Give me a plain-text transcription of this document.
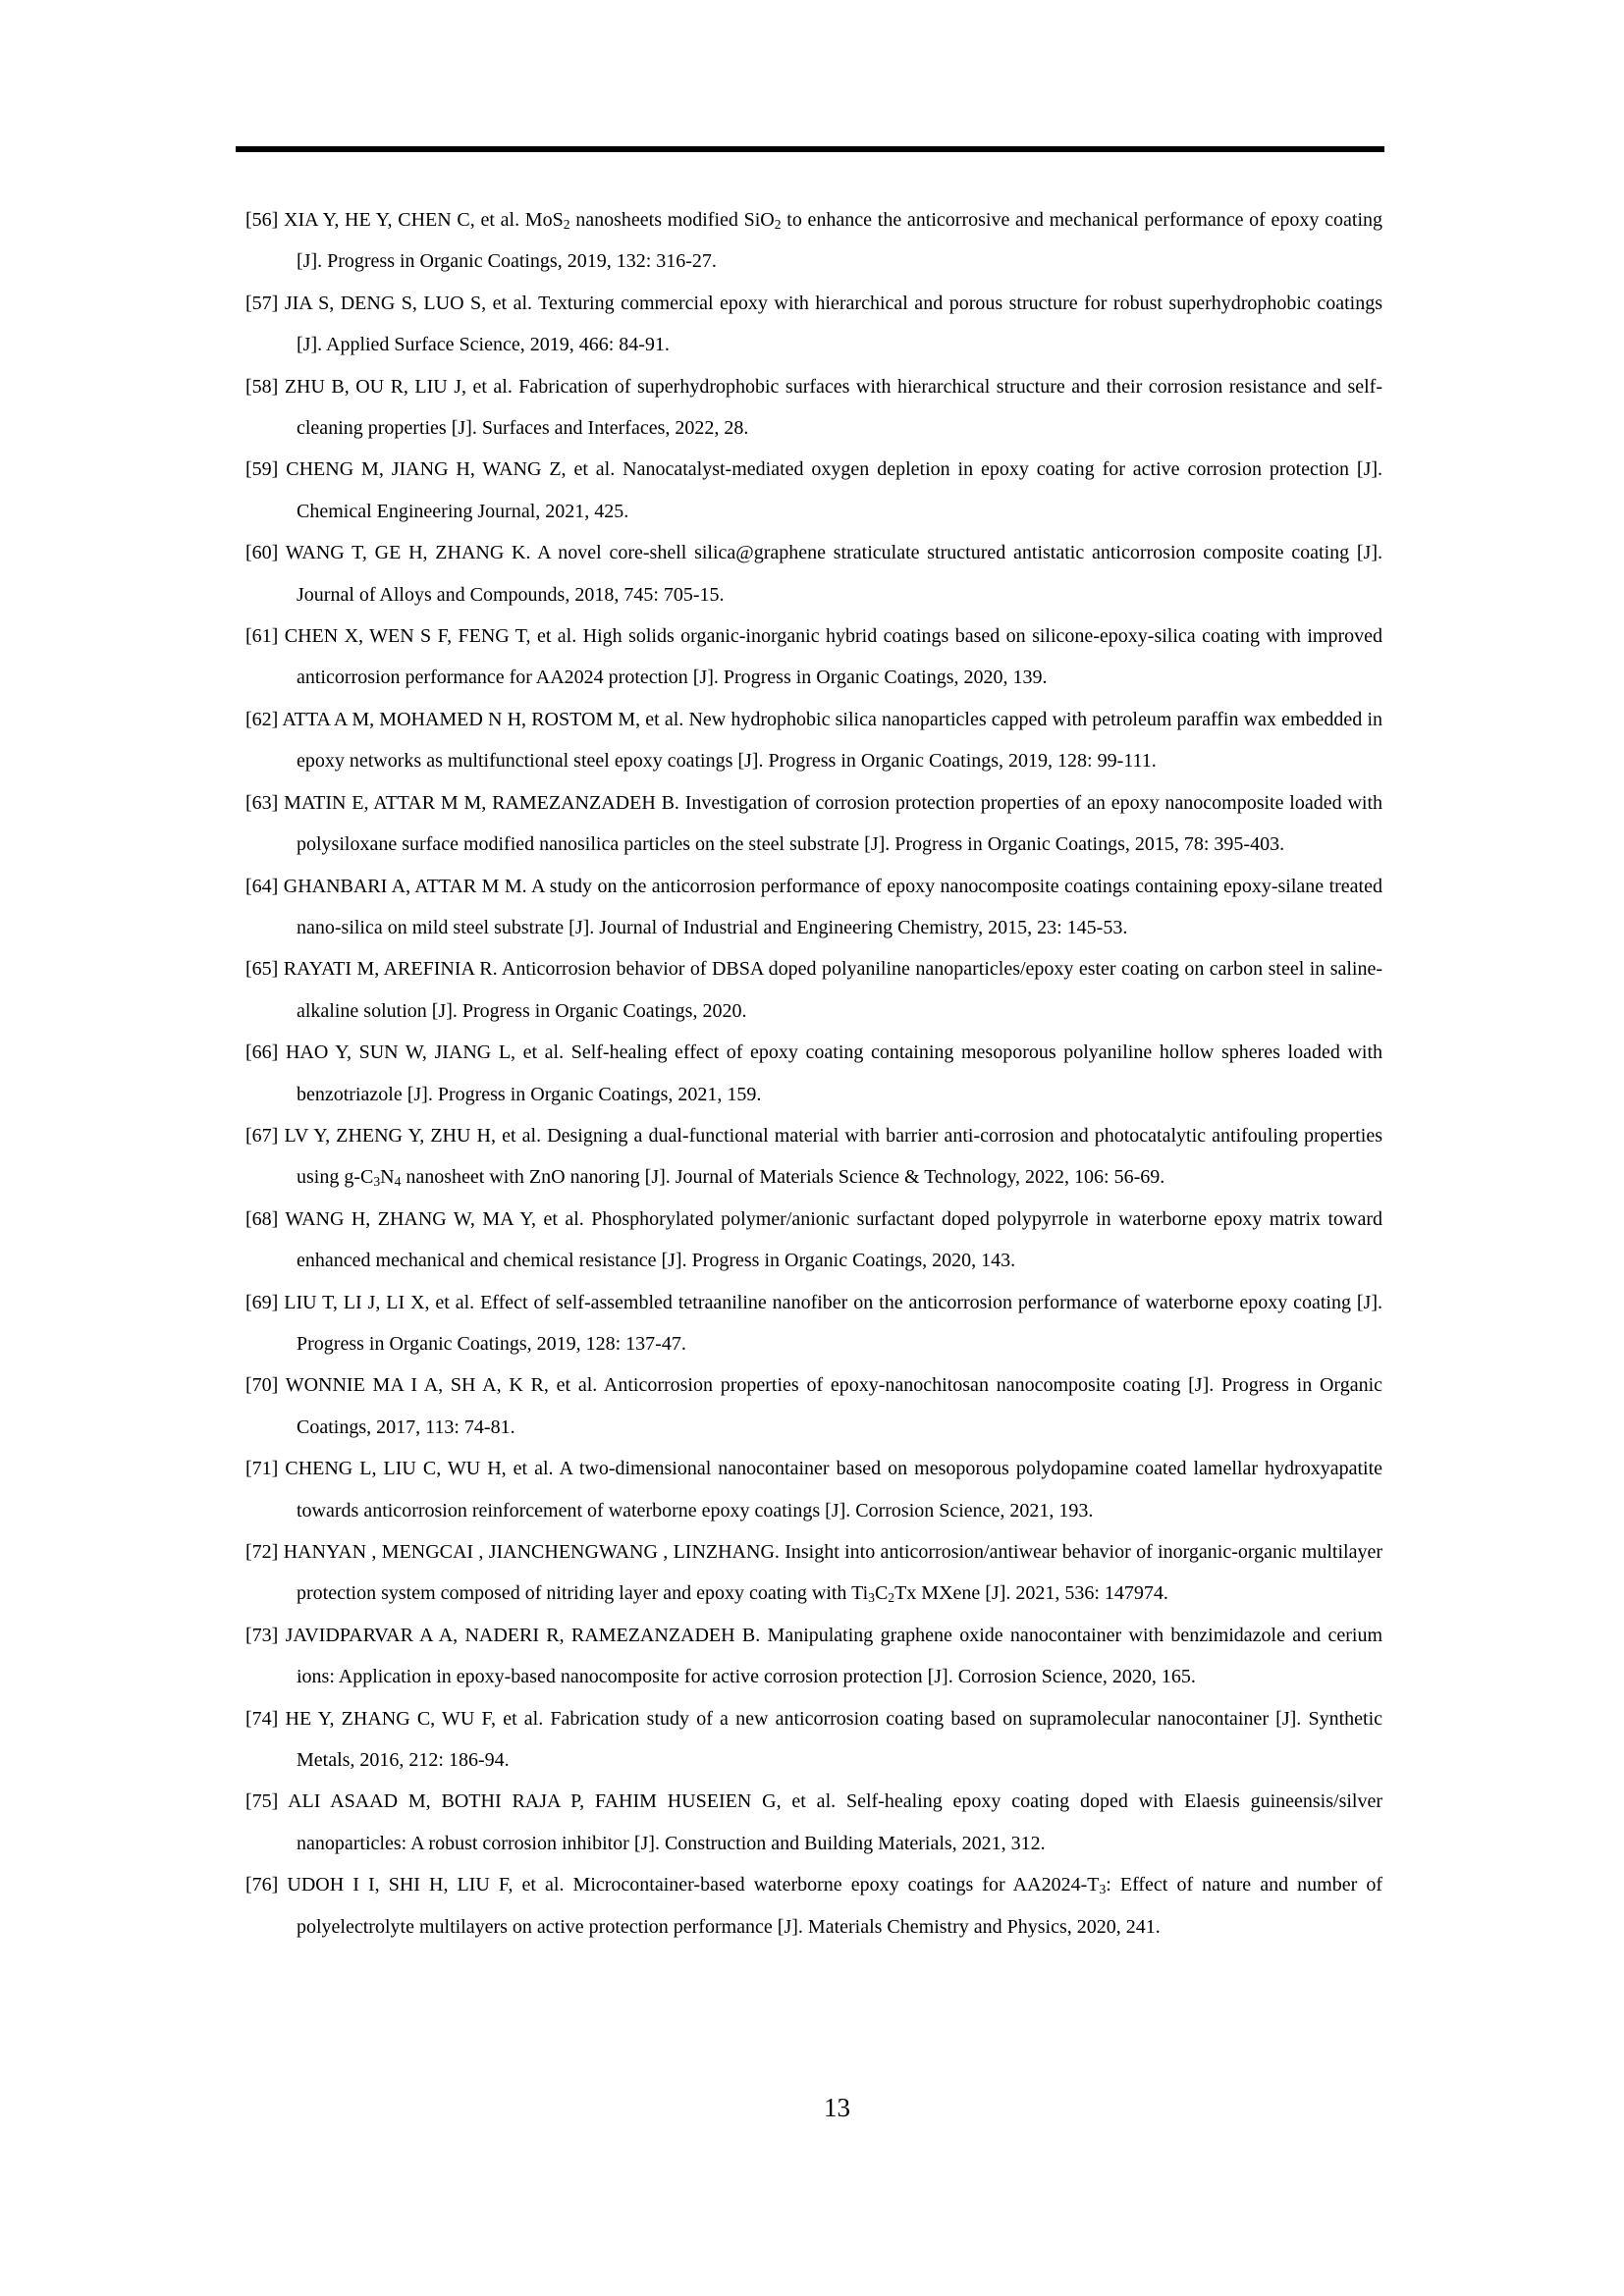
[56] XIA Y, HE Y, CHEN C, et al. MoS$_2$ nanosheets modified SiO$_2$ to enhance the anticorrosive and mechanical performance of epoxy coating [J]. Progress in Organic Coatings, 2019, 132: 316-27.

[57] JIA S, DENG S, LUO S, et al. Texturing commercial epoxy with hierarchical and porous structure for robust superhydrophobic coatings [J]. Applied Surface Science, 2019, 466: 84-91.

[58] ZHU B, OU R, LIU J, et al. Fabrication of superhydrophobic surfaces with hierarchical structure and their corrosion resistance and self-cleaning properties [J]. Surfaces and Interfaces, 2022, 28.

[59] CHENG M, JIANG H, WANG Z, et al. Nanocatalyst-mediated oxygen depletion in epoxy coating for active corrosion protection [J]. Chemical Engineering Journal, 2021, 425.

[60] WANG T, GE H, ZHANG K. A novel core-shell silica@graphene straticulate structured antistatic anticorrosion composite coating [J]. Journal of Alloys and Compounds, 2018, 745: 705-15.

[61] CHEN X, WEN S F, FENG T, et al. High solids organic-inorganic hybrid coatings based on silicone-epoxy-silica coating with improved anticorrosion performance for AA2024 protection [J]. Progress in Organic Coatings, 2020, 139.

[62] ATTA A M, MOHAMED N H, ROSTOM M, et al. New hydrophobic silica nanoparticles capped with petroleum paraffin wax embedded in epoxy networks as multifunctional steel epoxy coatings [J]. Progress in Organic Coatings, 2019, 128: 99-111.

[63] MATIN E, ATTAR M M, RAMEZANZADEH B. Investigation of corrosion protection properties of an epoxy nanocomposite loaded with polysiloxane surface modified nanosilica particles on the steel substrate [J]. Progress in Organic Coatings, 2015, 78: 395-403.

[64] GHANBARI A, ATTAR M M. A study on the anticorrosion performance of epoxy nanocomposite coatings containing epoxy-silane treated nano-silica on mild steel substrate [J]. Journal of Industrial and Engineering Chemistry, 2015, 23: 145-53.

[65] RAYATI M, AREFINIA R. Anticorrosion behavior of DBSA doped polyaniline nanoparticles/epoxy ester coating on carbon steel in saline-alkaline solution [J]. Progress in Organic Coatings, 2020.

[66] HAO Y, SUN W, JIANG L, et al. Self-healing effect of epoxy coating containing mesoporous polyaniline hollow spheres loaded with benzotriazole [J]. Progress in Organic Coatings, 2021, 159.

[67] LV Y, ZHENG Y, ZHU H, et al. Designing a dual-functional material with barrier anti-corrosion and photocatalytic antifouling properties using $g-C_3N_4$ nanosheet with ZnO nanoring [J]. Journal of Materials Science & Technology, 2022, 106: 56-69.

[68] WANG H, ZHANG W, MA Y, et al. Phosphorylated polymer/anionic surfactant doped polypyrrole in waterborne epoxy matrix toward enhanced mechanical and chemical resistance [J]. Progress in Organic Coatings, 2020, 143.

[69] LIU T, LI J, LI X, et al. Effect of self-assembled tetraaniline nanofiber on the anticorrosion performance of waterborne epoxy coating [J]. Progress in Organic Coatings, 2019, 128: 137-47.

[70] WONNIE MA I A, SH A, K R, et al. Anticorrosion properties of epoxy-nanochitosan nanocomposite coating [J]. Progress in Organic Coatings, 2017, 113: 74-81.

[71] CHENG L, LIU C, WU H, et al. A two-dimensional nanocontainer based on mesoporous polydopamine coated lamellar hydroxyapatite towards anticorrosion reinforcement of waterborne epoxy coatings [J]. Corrosion Science, 2021, 193.

[72] HANYAN , MENGCAI , JIANCHENGWANG , LINZHANG. Insight into anticorrosion/antiwear behavior of inorganic-organic multilayer protection system composed of nitriding layer and epoxy coating with $Ti_3C_2Tx$ MXene [J]. 2021, 536: 147974.

[73] JAVIDPARVAR A A, NADERI R, RAMEZANZADEH B. Manipulating graphene oxide nanocontainer with benzimidazole and cerium ions: Application in epoxy-based nanocomposite for active corrosion protection [J]. Corrosion Science, 2020, 165.

[74] HE Y, ZHANG C, WU F, et al. Fabrication study of a new anticorrosion coating based on supramolecular nanocontainer [J]. Synthetic Metals, 2016, 212: 186-94.

[75] ALI ASAAD M, BOTHI RAJA P, FAHIM HUSEIEN G, et al. Self-healing epoxy coating doped with Elaesis guineensis/silver nanoparticles: A robust corrosion inhibitor [J]. Construction and Building Materials, 2021, 312.

[76] UDOH I I, SHI H, LIU F, et al. Microcontainer-based waterborne epoxy coatings for $AA2024-T_3$: Effect of nature and number of polyelectrolyte multilayers on active protection performance [J]. Materials Chemistry and Physics, 2020, 241.

13
